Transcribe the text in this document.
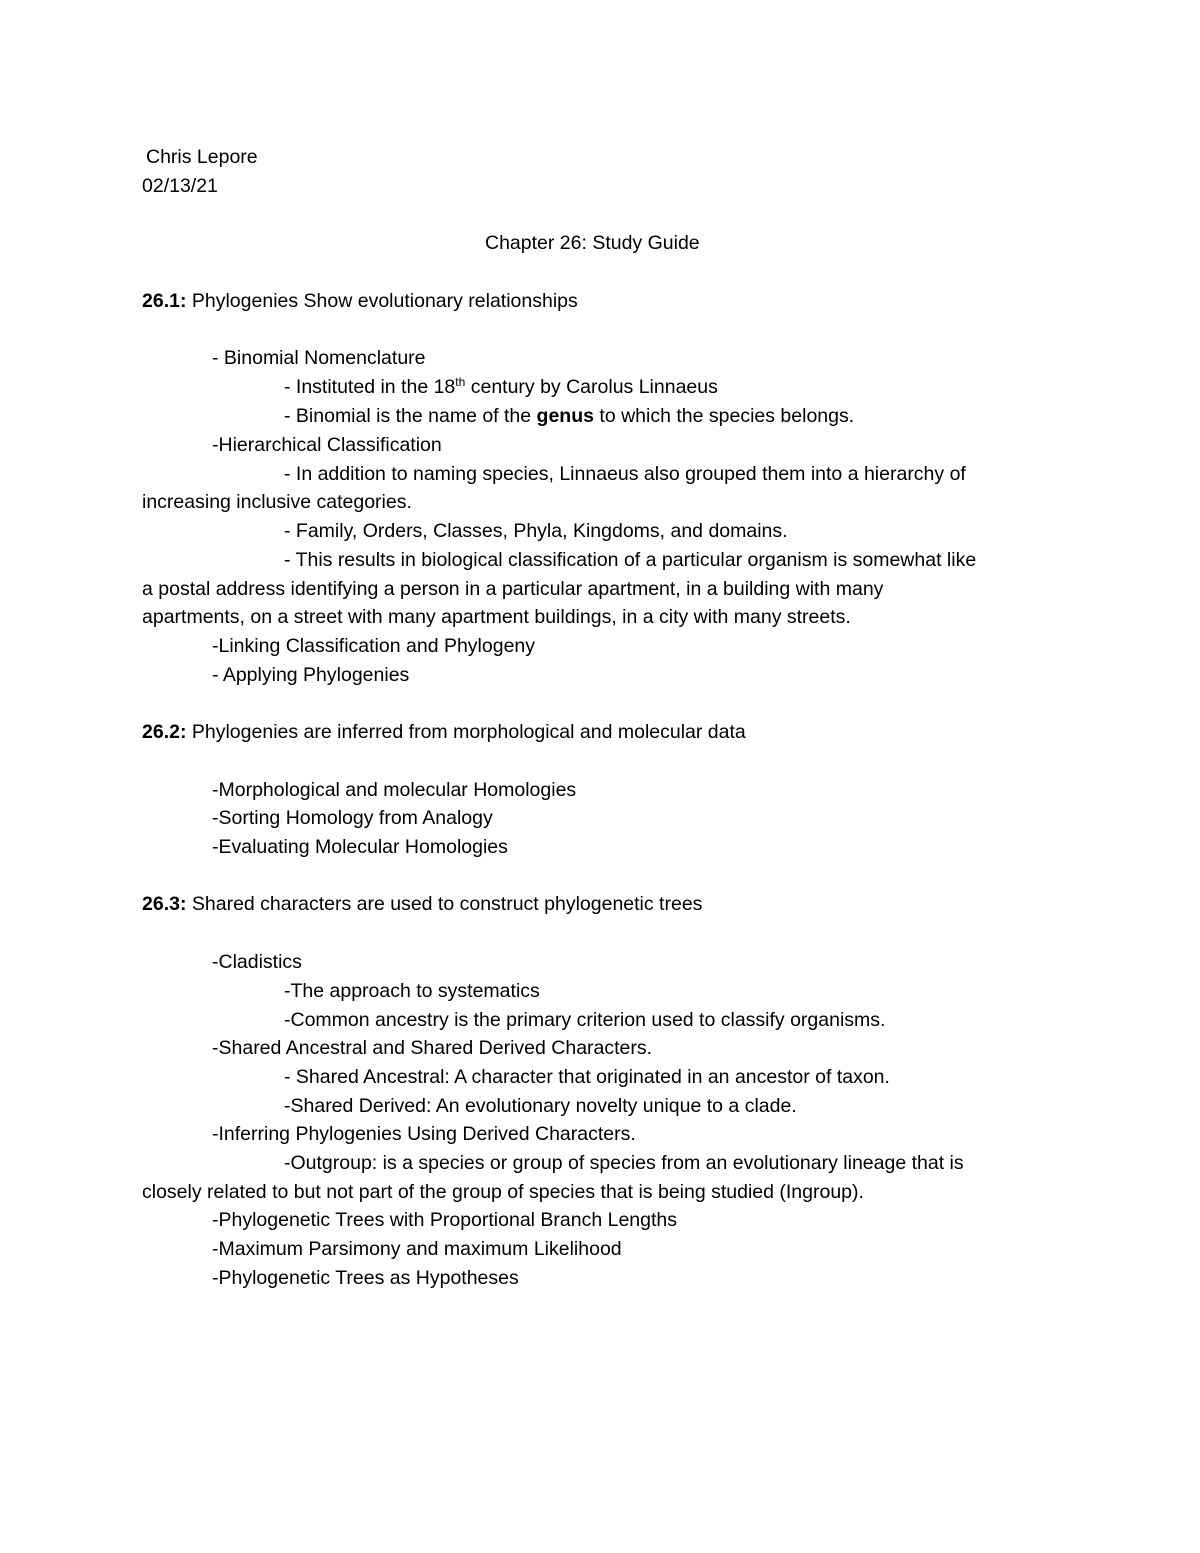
Chris Lepore
02/13/21
Chapter 26: Study Guide
26.1: Phylogenies Show evolutionary relationships
- Binomial Nomenclature
- Instituted in the 18th century by Carolus Linnaeus
- Binomial is the name of the genus to which the species belongs.
-Hierarchical Classification
- In addition to naming species, Linnaeus also grouped them into a hierarchy of
increasing inclusive categories.
- Family, Orders, Classes, Phyla, Kingdoms, and domains.
- This results in biological classification of a particular organism is somewhat like
a postal address identifying a person in a particular apartment, in a building with many
apartments, on a street with many apartment buildings, in a city with many streets.
-Linking Classification and Phylogeny
- Applying Phylogenies
26.2: Phylogenies are inferred from morphological and molecular data
-Morphological and molecular Homologies
-Sorting Homology from Analogy
-Evaluating Molecular Homologies
26.3: Shared characters are used to construct phylogenetic trees
-Cladistics
-The approach to systematics
-Common ancestry is the primary criterion used to classify organisms.
-Shared Ancestral and Shared Derived Characters.
- Shared Ancestral: A character that originated in an ancestor of taxon.
-Shared Derived: An evolutionary novelty unique to a clade.
-Inferring Phylogenies Using Derived Characters.
-Outgroup: is a species or group of species from an evolutionary lineage that is
closely related to but not part of the group of species that is being studied (Ingroup).
-Phylogenetic Trees with Proportional Branch Lengths
-Maximum Parsimony and maximum Likelihood
-Phylogenetic Trees as Hypotheses
